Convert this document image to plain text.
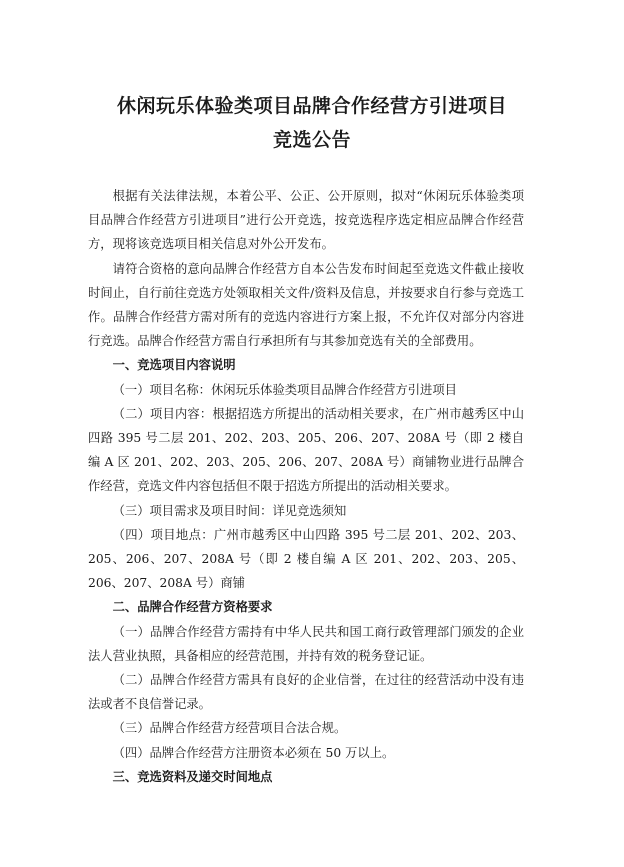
休闲玩乐体验类项目品牌合作经营方引进项目
竞选公告

根据有关法律法规，本着公平、公正、公开原则，拟对“休闲玩乐体验类项目品牌合作经营方引进项目”进行公开竞选，按竞选程序选定相应品牌合作经营方，现将该竞选项目相关信息对外公开发布。

请符合资格的意向品牌合作经营方自本公告发布时间起至竞选文件截止接收时间止，自行前往竞选方处领取相关文件/资料及信息，并按要求自行参与竞选工作。品牌合作经营方需对所有的竞选内容进行方案上报，不允许仅对部分内容进行竞选。品牌合作经营方需自行承担所有与其参加竞选有关的全部费用。

一、竞选项目内容说明

（一）项目名称：休闲玩乐体验类项目品牌合作经营方引进项目

（二）项目内容：根据招选方所提出的活动相关要求，在广州市越秀区中山四路 395 号二层 201、202、203、205、206、207、208A 号（即 2 楼自编 A 区 201、202、203、205、206、207、208A 号）商铺物业进行品牌合作经营，竞选文件内容包括但不限于招选方所提出的活动相关要求。

（三）项目需求及项目时间：详见竞选须知

（四）项目地点：广州市越秀区中山四路 395 号二层 201、202、203、205、206、207、208A 号（即 2 楼自编 A 区 201、202、203、205、206、207、208A 号）商铺

二、品牌合作经营方资格要求

（一）品牌合作经营方需持有中华人民共和国工商行政管理部门颁发的企业法人营业执照，具备相应的经营范围，并持有效的税务登记证。

（二）品牌合作经营方需具有良好的企业信誉，在过往的经营活动中没有违法或者不良信誉记录。

（三）品牌合作经营方经营项目合法合规。

（四）品牌合作经营方注册资本必须在 50 万以上。

三、竞选资料及递交时间地点
